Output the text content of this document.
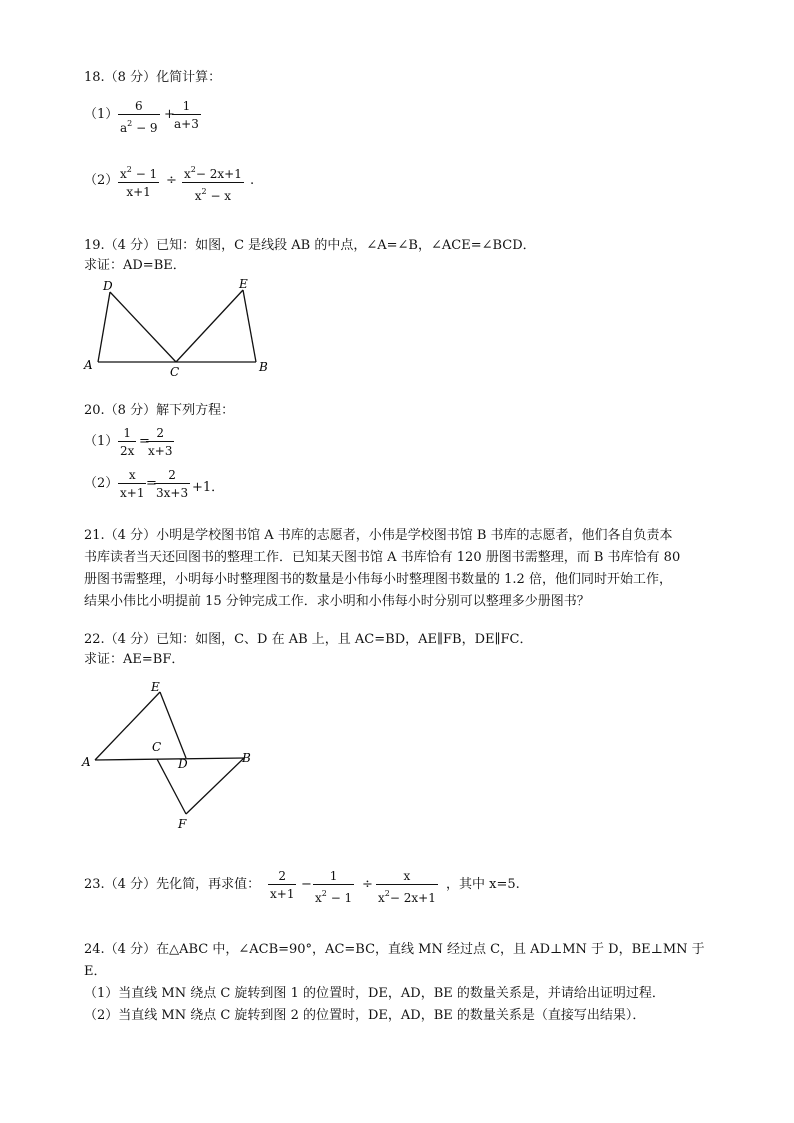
18.（8 分）化简计算：
（1）
6
$a^2 - 9$
+
1
a+3
（2） $x^2 - 1$
x+1
÷ $x^2- 2x+1$
$x^2 - x$
.
19.（4 分）已知：如图，C 是线段 AB 的中点，∠A=∠B，∠ACE=∠BCD．
求证：AD=BE．
A	B
C
D	E
20.（8 分）解下列方程：
（1）
1
2x
=
2
x+3
（2）
x
x+1
=
2
3x+3 +1．
21.（4 分）小明是学校图书馆 A 书库的志愿者，小伟是学校图书馆 B 书库的志愿者，他们各自负责本
书库读者当天还回图书的整理工作．已知某天图书馆 A 书库恰有 120 册图书需整理，而 B 书库恰有 80
册图书需整理，小明每小时整理图书的数量是小伟每小时整理图书数量的 1.2 倍，他们同时开始工作，
结果小伟比小明提前 15 分钟完成工作．求小明和小伟每小时分别可以整理多少册图书？
22.（4 分）已知：如图，C、D 在 AB 上，且 AC=BD，AE∥FB，DE∥FC．
求证：AE=BF．
A	B
C
D
E
F
23.（4 分）先化简，再求值：
2
x+1
−
1
$x^2 - 1$
÷
x
$x^2- 2x+1$
，其中 x=5.
24.（4 分）在△ABC 中，∠ACB=90°，AC=BC，直线 MN 经过点 C，且 AD⊥MN 于 D，BE⊥MN 于
E．
（1）当直线 MN 绕点 C 旋转到图 1 的位置时，DE，AD，BE 的数量关系是，并请给出证明过程．
（2）当直线 MN 绕点 C 旋转到图 2 的位置时，DE，AD，BE 的数量关系是（直接写出结果）．
